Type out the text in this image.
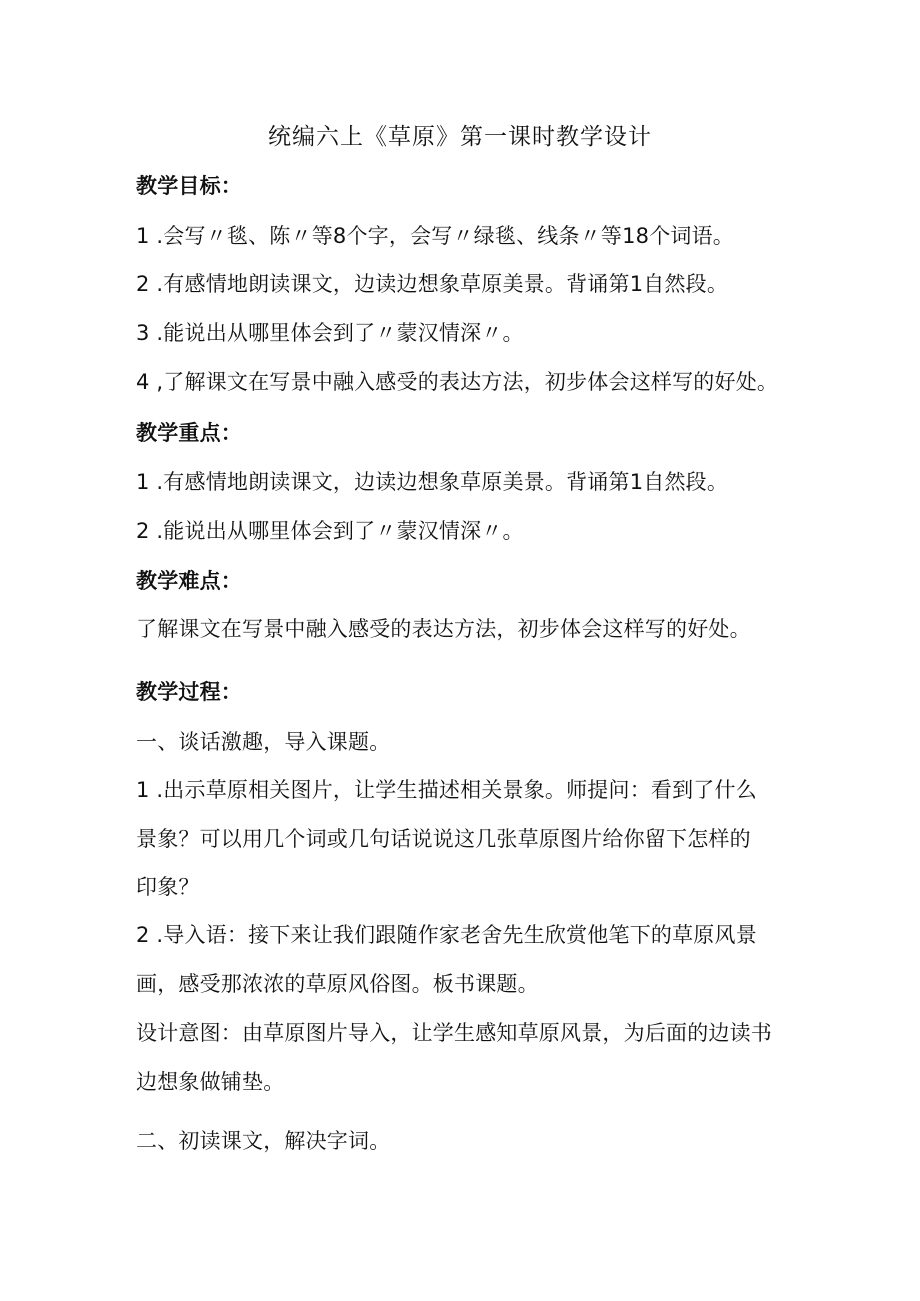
统编六上《草原》第一课时教学设计
教学目标：
1 .会写〃毯、陈〃等8个字，会写〃绿毯、线条〃等18个词语。
2 .有感情地朗读课文，边读边想象草原美景。背诵第1自然段。
3 .能说出从哪里体会到了〃蒙汉情深〃。
4 ,了解课文在写景中融入感受的表达方法，初步体会这样写的好处。
教学重点：
1 .有感情地朗读课文，边读边想象草原美景。背诵第1自然段。
2 .能说出从哪里体会到了〃蒙汉情深〃。
教学难点：
了解课文在写景中融入感受的表达方法，初步体会这样写的好处。
教学过程：
一、谈话激趣，导入课题。
1 .出示草原相关图片，让学生描述相关景象。师提问：看到了什么
景象？可以用几个词或几句话说说这几张草原图片给你留下怎样的
印象？
2 .导入语：接下来让我们跟随作家老舍先生欣赏他笔下的草原风景
画，感受那浓浓的草原风俗图。板书课题。
设计意图：由草原图片导入，让学生感知草原风景，为后面的边读书
边想象做铺垫。
二、初读课文，解决字词。
